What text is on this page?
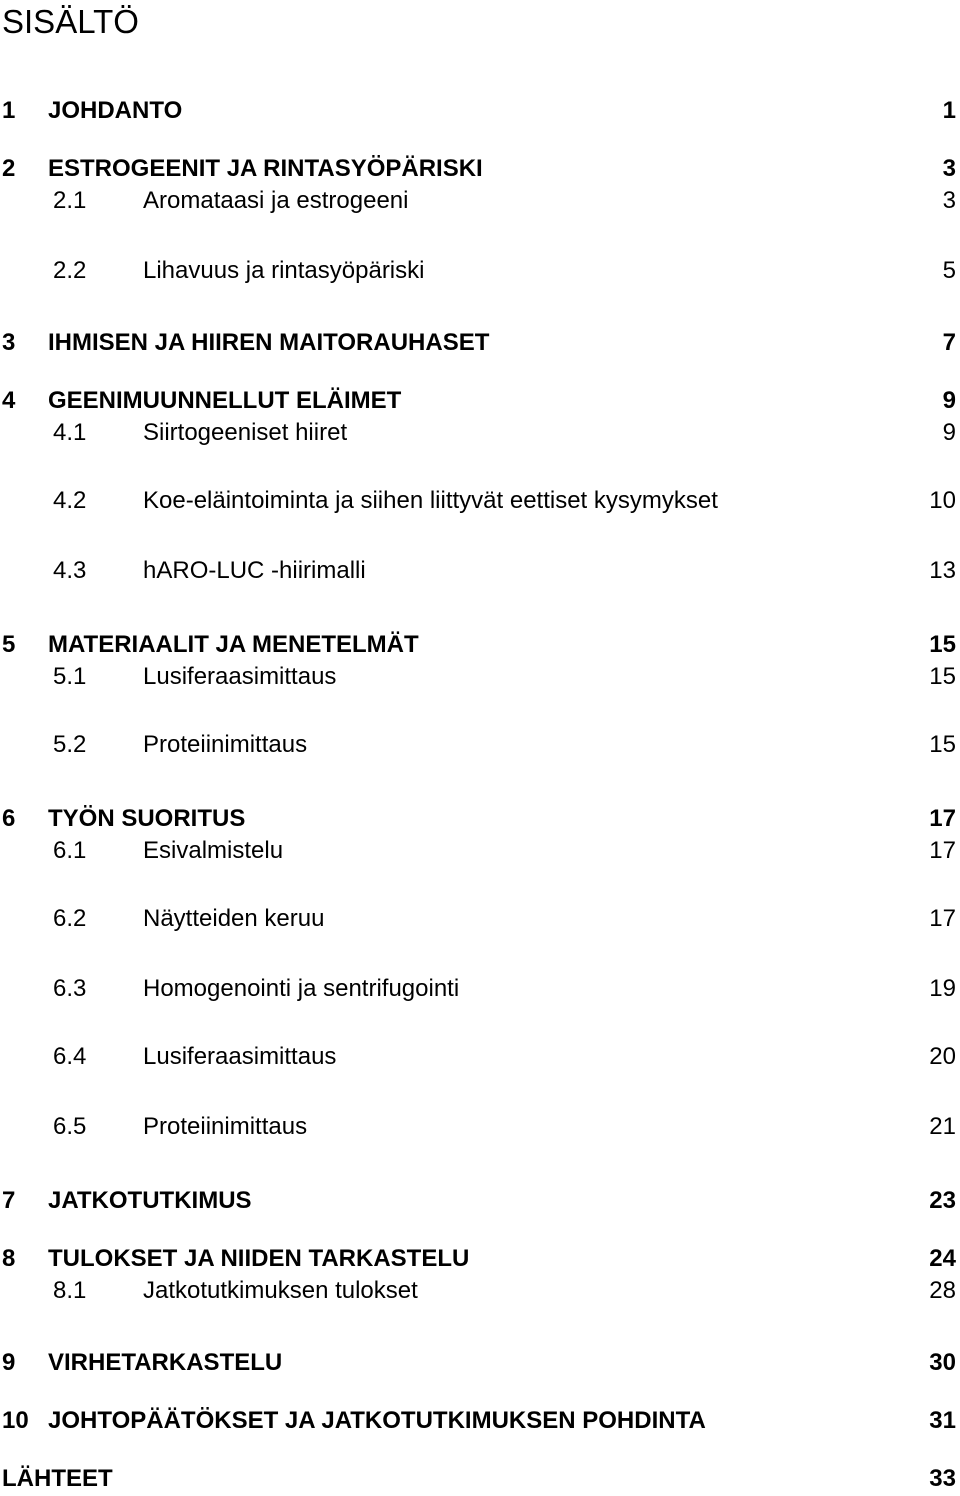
SISÄLTÖ
1 JOHDANTO	1
2 ESTROGEENIT JA RINTASYÖPÄRISKI	3
2.1 Aromataasi ja estrogeeni	3
2.2 Lihavuus ja rintasyöpäriski	5
3 IHMISEN JA HIIREN MAITORAUHASET	7
4 GEENIMUUNNELLUT ELÄIMET	9
4.1 Siirtogeeniset hiiret	9
4.2 Koe-eläintoiminta ja siihen liittyvät eettiset kysymykset	10
4.3 hARO-LUC -hiirimalli	13
5 MATERIAALIT JA MENETELMÄT	15
5.1 Lusiferaasimittaus	15
5.2 Proteiinimittaus	15
6 TYÖN SUORITUS	17
6.1 Esivalmistelu	17
6.2 Näytteiden keruu	17
6.3 Homogenointi ja sentrifugointi	19
6.4 Lusiferaasimittaus	20
6.5 Proteiinimittaus	21
7 JATKOTUTKIMUS	23
8 TULOKSET JA NIIDEN TARKASTELU	24
8.1 Jatkotutkimuksen tulokset	28
9 VIRHETARKASTELU	30
10 JOHTOPÄÄTÖKSET JA JATKOTUTKIMUKSEN POHDINTA	31
LÄHTEET	33
